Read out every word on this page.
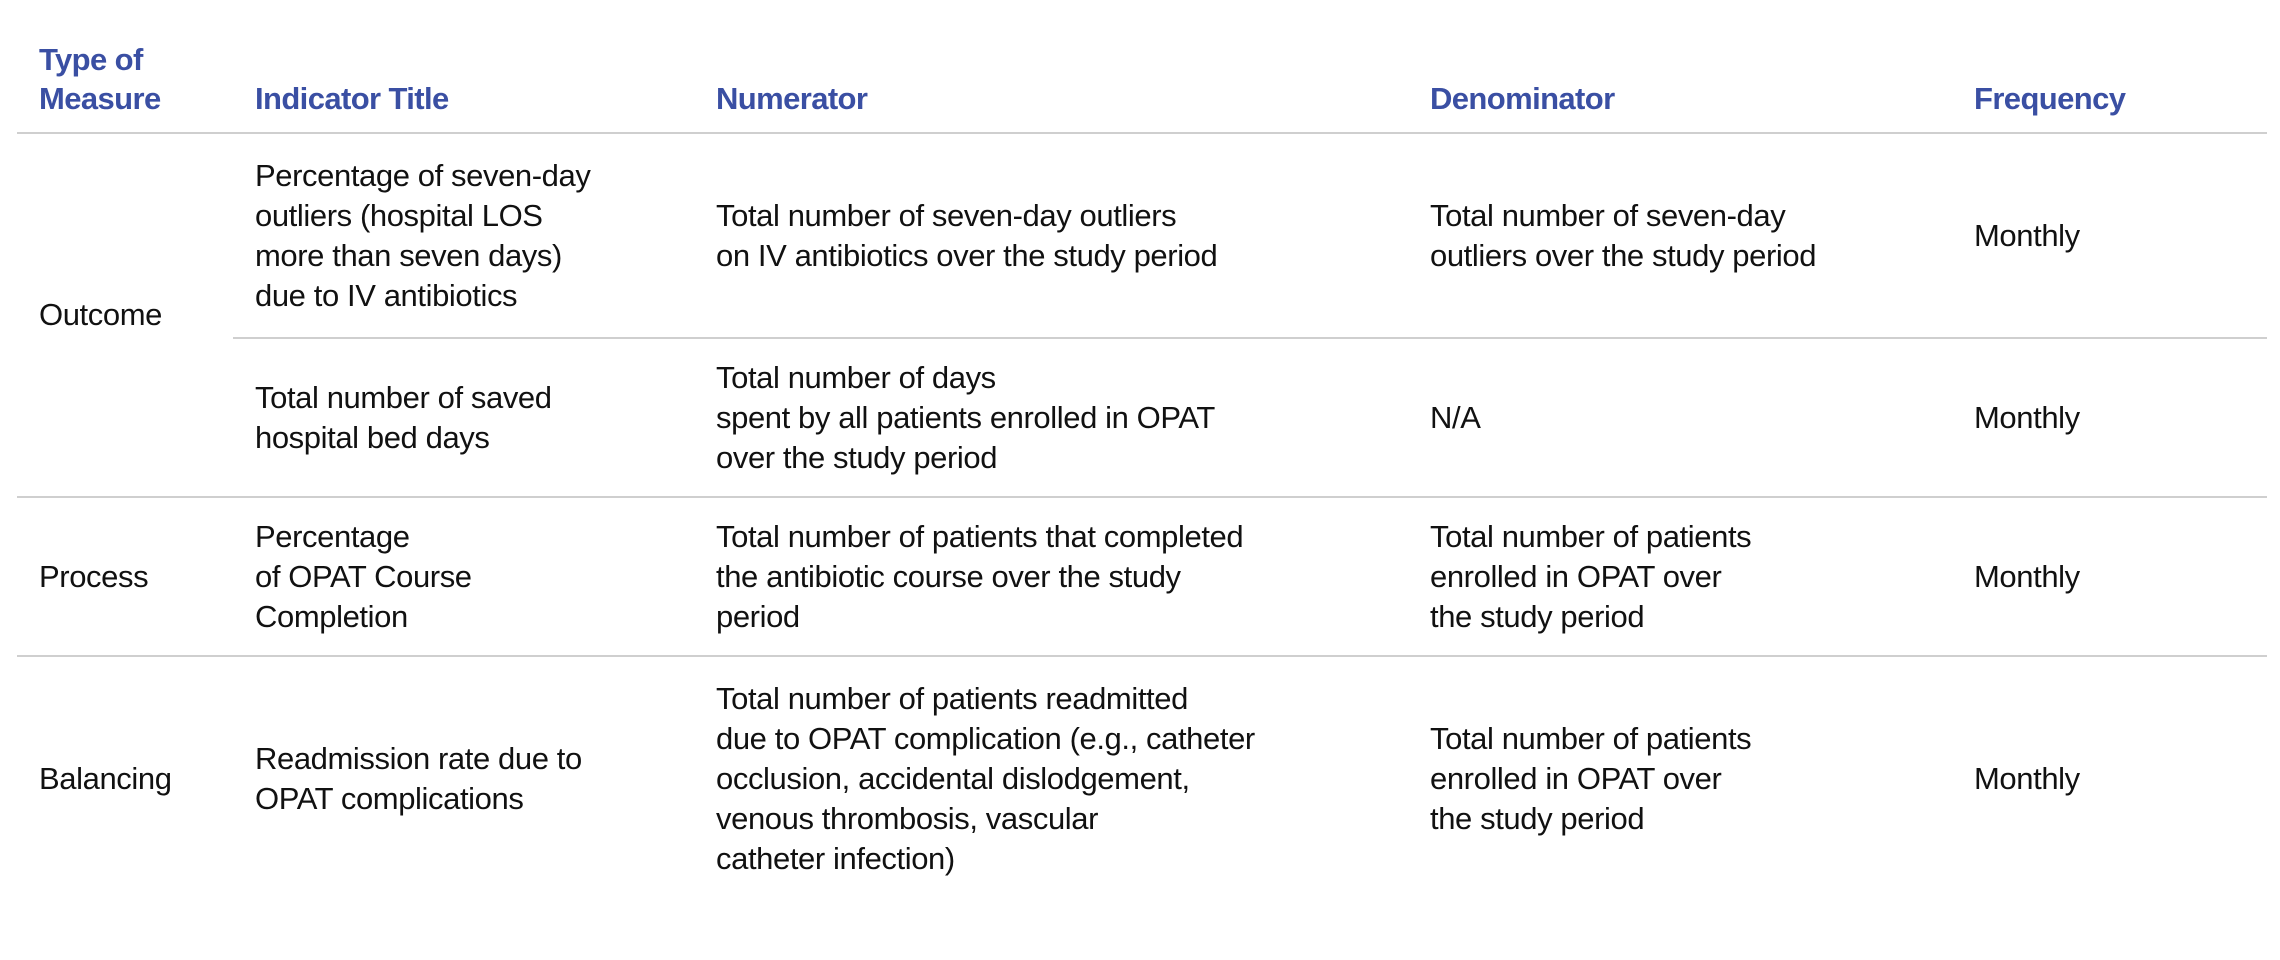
Type of
Measure	Indicator Title	Numerator	Denominator	Frequency
Outcome	Percentage of seven-day
outliers (hospital LOS
more than seven days)
due to IV antibiotics	Total number of seven-day outliers
on IV antibiotics over the study period	Total number of seven-day
outliers over the study period	Monthly
	Total number of saved
hospital bed days	Total number of days
spent by all patients enrolled in OPAT
over the study period	N/A	Monthly
Process	Percentage
of OPAT Course
Completion	Total number of patients that completed
the antibiotic course over the study
period	Total number of patients
enrolled in OPAT over
the study period	Monthly
Balancing	Readmission rate due to
OPAT complications	Total number of patients readmitted
due to OPAT complication (e.g., catheter
occlusion, accidental dislodgement,
venous thrombosis, vascular
catheter infection)	Total number of patients
enrolled in OPAT over
the study period	Monthly
